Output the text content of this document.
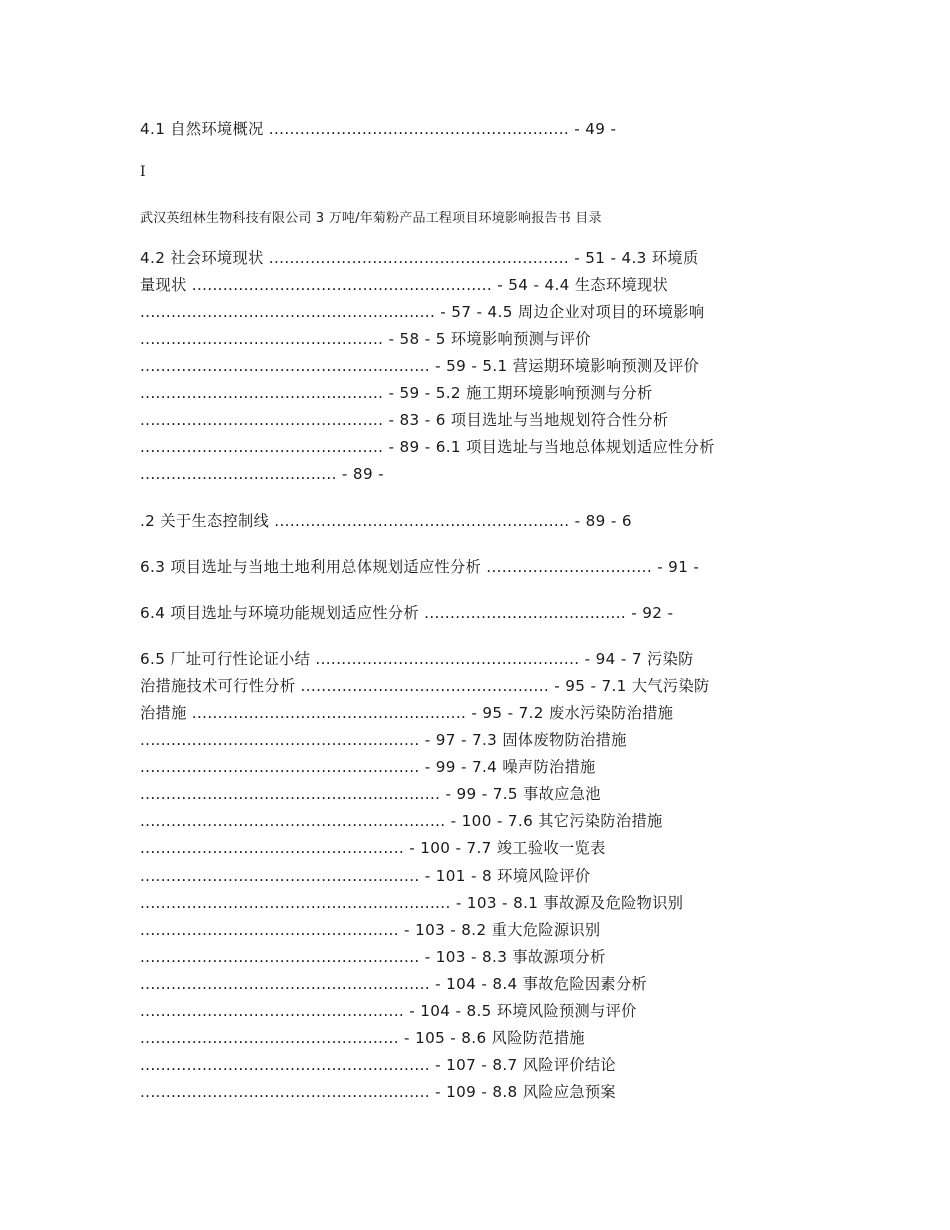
4.1 自然环境概况 .......................................................... - 49 -
I
武汉英纽林生物科技有限公司 3 万吨/年菊粉产品工程项目环境影响报告书 目录
4.2 社会环境现状 .......................................................... - 51 - 4.3 环境质
量现状 .......................................................... - 54 - 4.4 生态环境现状
......................................................... - 57 - 4.5 周边企业对项目的环境影响
............................................... - 58 - 5 环境影响预测与评价
........................................................ - 59 - 5.1 营运期环境影响预测及评价
............................................... - 59 - 5.2 施工期环境影响预测与分析
............................................... - 83 - 6 项目选址与当地规划符合性分析
............................................... - 89 - 6.1 项目选址与当地总体规划适应性分析
...................................... - 89 -
.2 关于生态控制线 ......................................................... - 89 - 6
6.3 项目选址与当地土地利用总体规划适应性分析 ................................ - 91 -
6.4 项目选址与环境功能规划适应性分析 ....................................... - 92 -
6.5 厂址可行性论证小结 ................................................... - 94 - 7 污染防
治措施技术可行性分析 ................................................ - 95 - 7.1 大气污染防
治措施 ..................................................... - 95 - 7.2 废水污染防治措施
...................................................... - 97 - 7.3 固体废物防治措施
...................................................... - 99 - 7.4 噪声防治措施
.......................................................... - 99 - 7.5 事故应急池
........................................................... - 100 - 7.6 其它污染防治措施
................................................... - 100 - 7.7 竣工验收一览表
...................................................... - 101 - 8 环境风险评价
............................................................ - 103 - 8.1 事故源及危险物识别
.................................................. - 103 - 8.2 重大危险源识别
...................................................... - 103 - 8.3 事故源项分析
........................................................ - 104 - 8.4 事故危险因素分析
................................................... - 104 - 8.5 环境风险预测与评价
.................................................. - 105 - 8.6 风险防范措施
........................................................ - 107 - 8.7 风险评价结论
........................................................ - 109 - 8.8 风险应急预案
